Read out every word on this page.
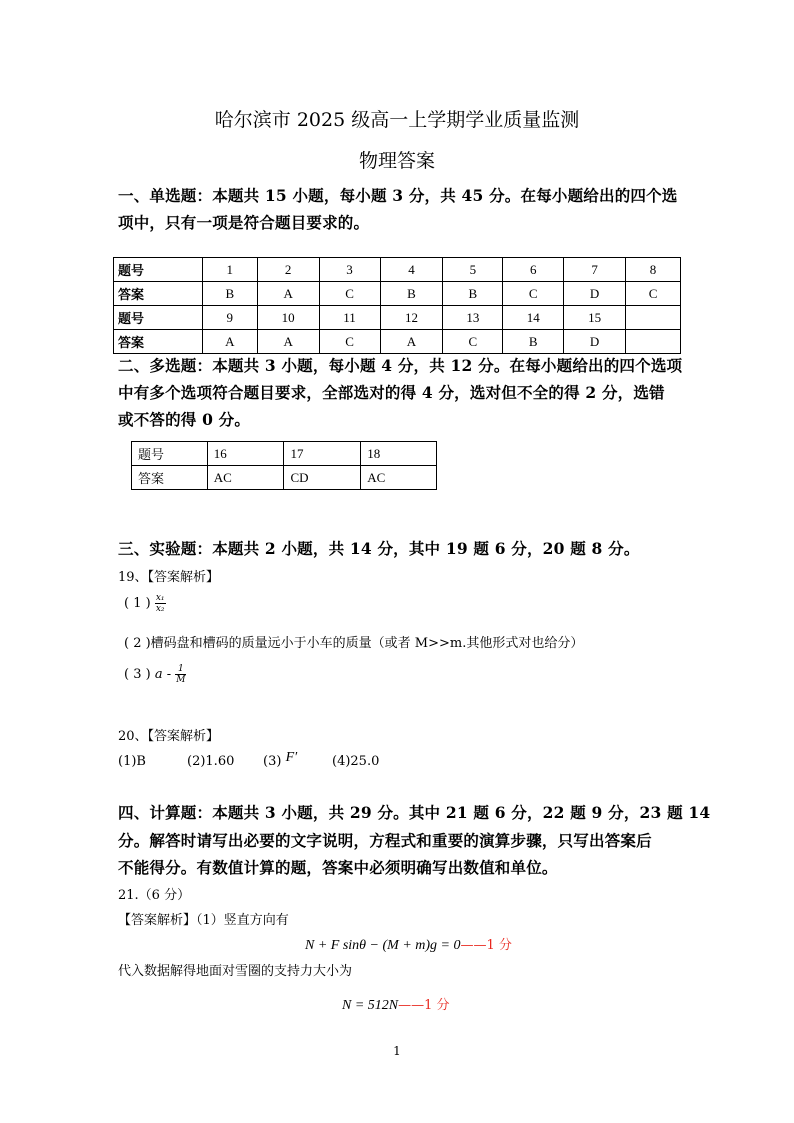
哈尔滨市 2025 级高一上学期学业质量监测
物理答案
一、单选题：本题共 15 小题，每小题 3 分，共 45 分。在每小题给出的四个选
项中，只有一项是符合题目要求的。
题号	1	2	3	4	5	6	7	8
答案	B	A	C	B	B	C	D	C
题号	9	10	11	12	13	14	15	
答案	A	A	C	A	C	B	D	
二、多选题：本题共 3 小题，每小题 4 分，共 12 分。在每小题给出的四个选项
中有多个选项符合题目要求，全部选对的得 4 分，选对但不全的得 2 分，选错
或不答的得 0 分。
题号	16	17	18
答案	AC	CD	AC
三、实验题：本题共 2 小题，共 14 分，其中 19 题 6 分，20 题 8 分。
19、【答案解析】
( 1 ) $\frac{\text{x₁}}{\text{x₂}}$
( 2 )槽码盘和槽码的质量远小于小车的质量（或者 M>>m.其他形式对也给分）
( 3 ) a - $\frac{1}{M}$
20、【答案解析】
(1)B	(2)1.60 (3) F′	(4)25.0
四、计算题：本题共 3 小题，共 29 分。其中 21 题 6 分，22 题 9 分，23 题 14
分。解答时请写出必要的文字说明，方程式和重要的演算步骤，只写出答案后
不能得分。有数值计算的题，答案中必须明确写出数值和单位。
21.（6 分）
【答案解析】（1）竖直方向有
N + F sinθ − (M + m)g = 0——1 分
代入数据解得地面对雪圈的支持力大小为
N = 512N——1 分
1
